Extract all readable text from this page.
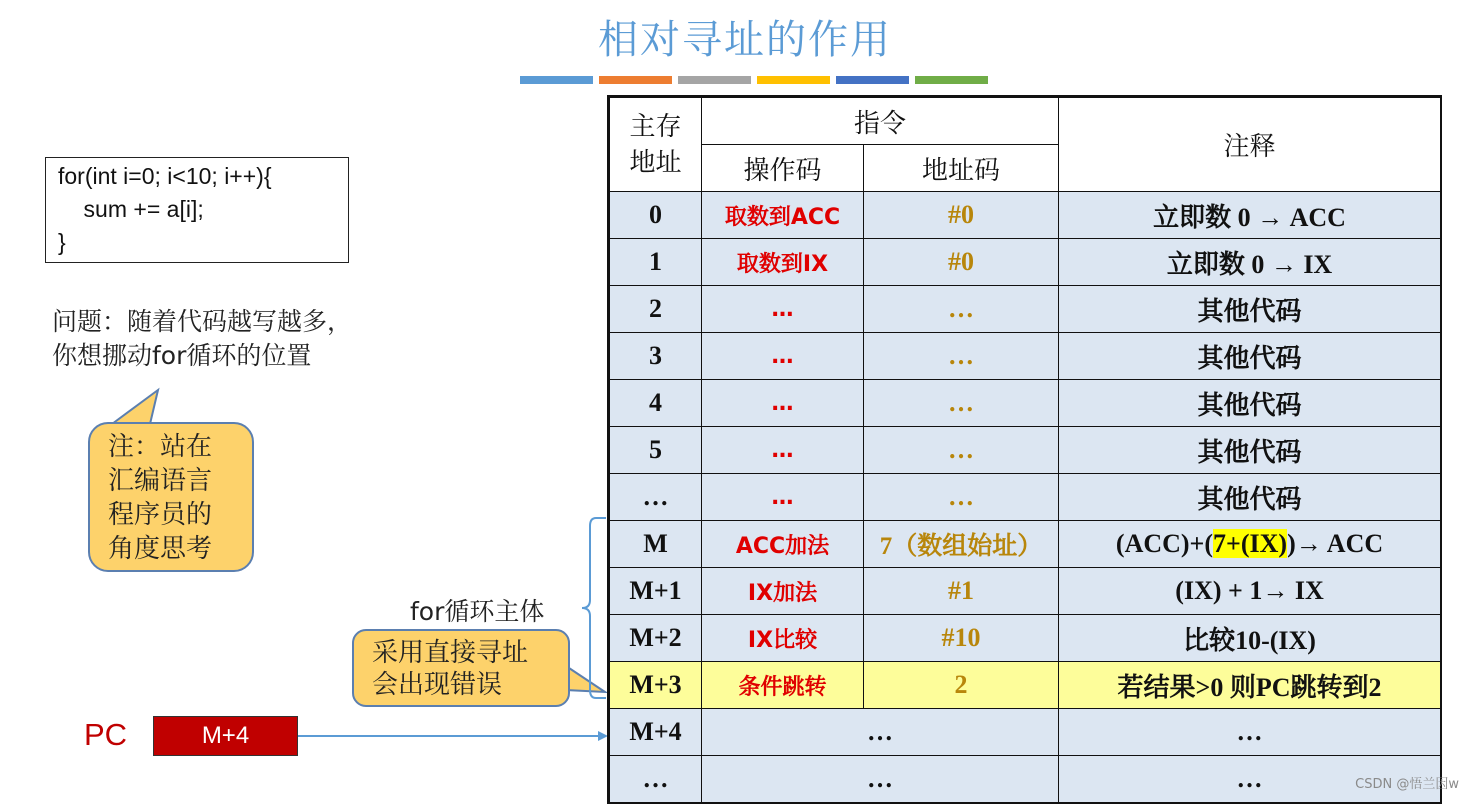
相对寻址的作用
for(int i=0; i<10; i++){
sum += a[i];
}
问题：随着代码越写越多，
你想挪动for循环的位置
注：站在
汇编语言
程序员的
角度思考
for循环主体
采用直接寻址
会出现错误
PC	M+4
主存
地址	指令		注释
	操作码	地址码	
0	取数到ACC	#0	立即数 0 → ACC
1	取数到IX	#0	立即数 0 → IX
2	…	…	其他代码
3	…	…	其他代码
4	…	…	其他代码
5	…	…	其他代码
…	…	…	其他代码
M	ACC加法	7（数组始址）	(ACC)+(7+(IX))→ ACC
M+1	IX加法	#1	(IX) + 1→ IX
M+2	IX比较	#10	比较10-(IX)
M+3	条件跳转	2	若结果>0 则PC跳转到2
M+4	…		…
…	…		…	CSDN @悟兰因w
